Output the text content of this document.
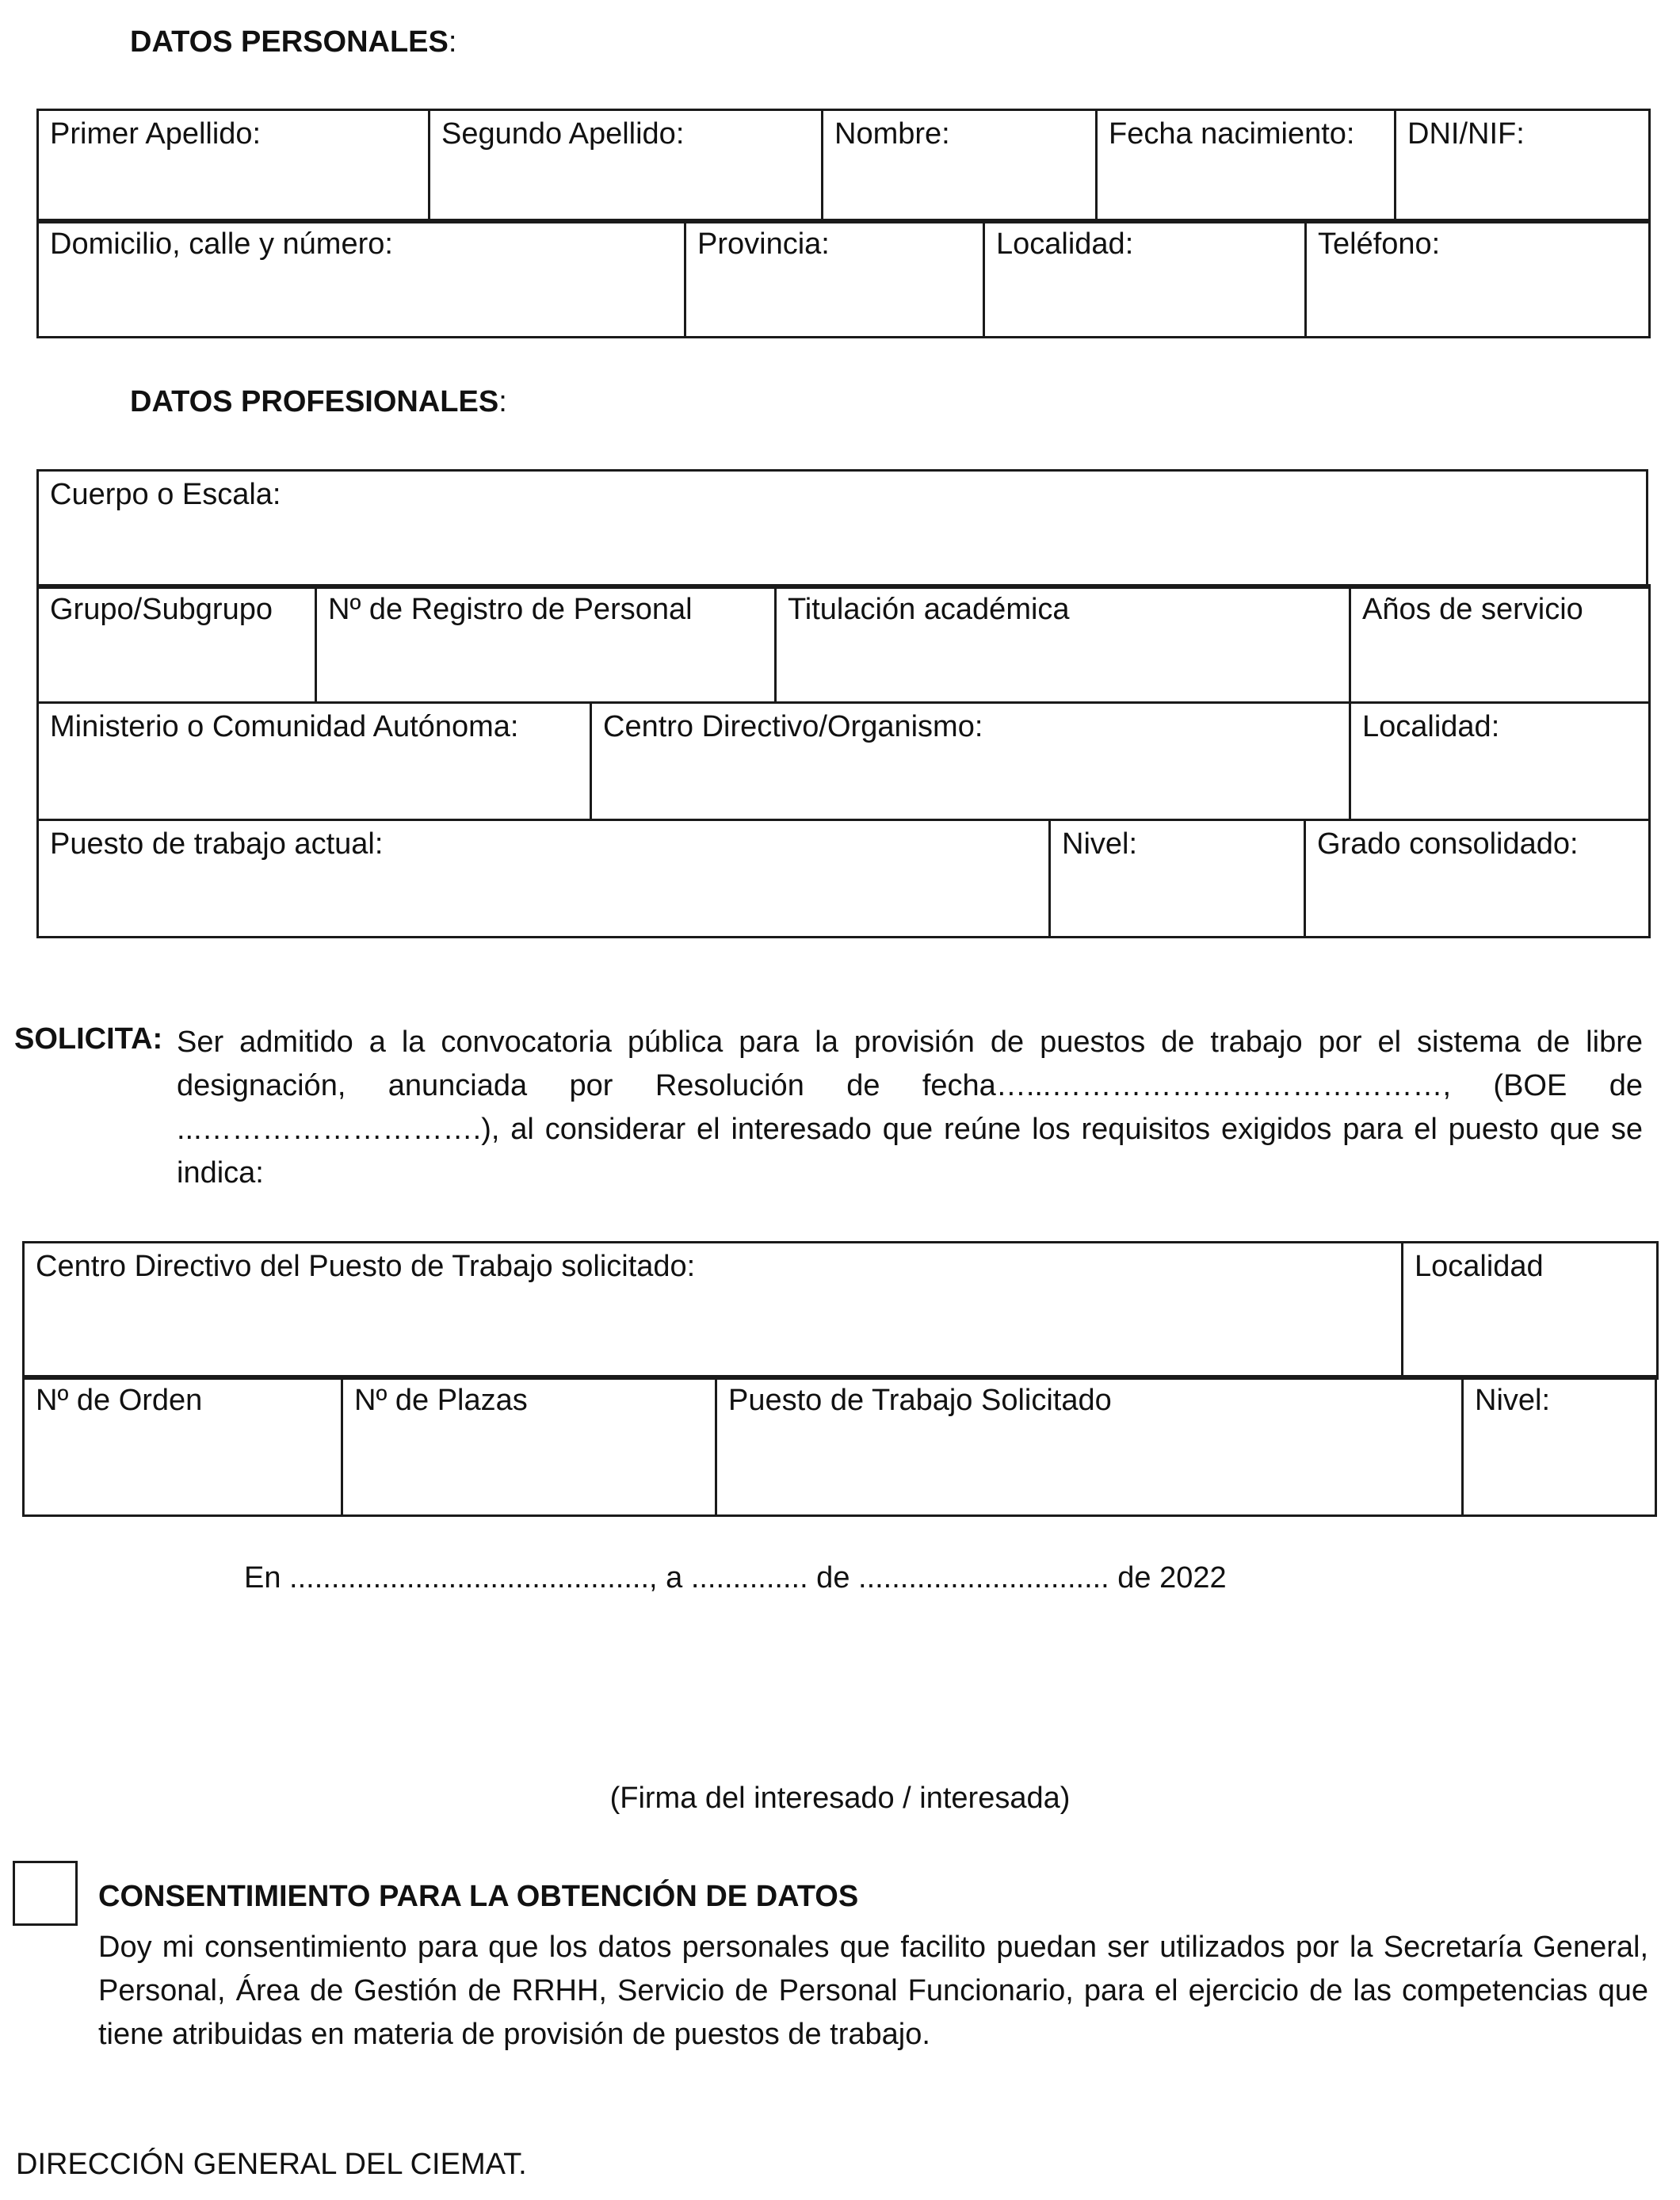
DATOS PERSONALES:
Primer Apellido:	Segundo Apellido:	Nombre:	Fecha nacimiento:	DNI/NIF:
Domicilio, calle y número:	Provincia:	Localidad:	Teléfono:
DATOS PROFESIONALES:
Cuerpo o Escala:
Grupo/Subgrupo	Nº de Registro de Personal	Titulación académica	Años de servicio
Ministerio o Comunidad Autónoma:	Centro Directivo/Organismo:	Localidad:
Puesto de trabajo actual:	Nivel:	Grado consolidado:
SOLICITA: Ser admitido a la convocatoria pública para la provisión de puestos de trabajo por el sistema de libre designación, anunciada por Resolución de fecha…...…………………………………, (BOE de ...……………………….), al considerar el interesado que reúne los requisitos exigidos para el puesto que se indica:
Centro Directivo del Puesto de Trabajo solicitado:	Localidad
Nº de Orden	Nº de Plazas	Puesto de Trabajo Solicitado	Nivel:
En ..........................................., a .............. de .............................. de 2022
(Firma del interesado / interesada)
CONSENTIMIENTO PARA LA OBTENCIÓN DE DATOS
Doy mi consentimiento para que los datos personales que facilito puedan ser utilizados por la Secretaría General, Personal, Área de Gestión de RRHH, Servicio de Personal Funcionario, para el ejercicio de las competencias que tiene atribuidas en materia de provisión de puestos de trabajo.
DIRECCIÓN GENERAL DEL CIEMAT.
